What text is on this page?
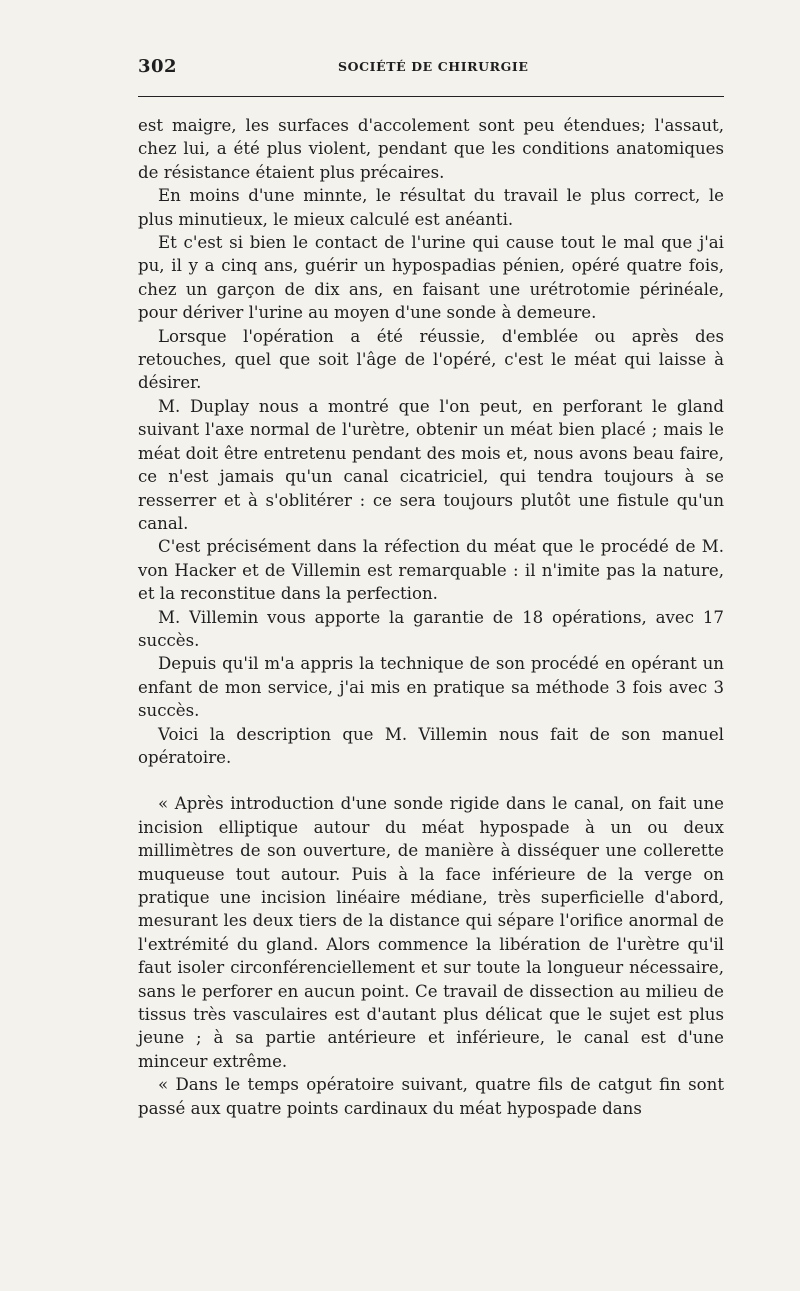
302	SOCIÉTÉ DE CHIRURGIE

est maigre, les surfaces d'accolement sont peu étendues; l'assaut, chez lui, a été plus violent, pendant que les conditions anatomiques de résistance étaient plus précaires.

En moins d'une minnte, le résultat du travail le plus correct, le plus minutieux, le mieux calculé est anéanti.

Et c'est si bien le contact de l'urine qui cause tout le mal que j'ai pu, il y a cinq ans, guérir un hypospadias pénien, opéré quatre fois, chez un garçon de dix ans, en faisant une urétrotomie périnéale, pour dériver l'urine au moyen d'une sonde à demeure.

Lorsque l'opération a été réussie, d'emblée ou après des retouches, quel que soit l'âge de l'opéré, c'est le méat qui laisse à désirer.

M. Duplay nous a montré que l'on peut, en perforant le gland suivant l'axe normal de l'urètre, obtenir un méat bien placé ; mais le méat doit être entretenu pendant des mois et, nous avons beau faire, ce n'est jamais qu'un canal cicatriciel, qui tendra toujours à se resserrer et à s'oblitérer : ce sera toujours plutôt une fistule qu'un canal.

C'est précisément dans la réfection du méat que le procédé de M. von Hacker et de Villemin est remarquable : il n'imite pas la nature, et la reconstitue dans la perfection.

M. Villemin vous apporte la garantie de 18 opérations, avec 17 succès.

Depuis qu'il m'a appris la technique de son procédé en opérant un enfant de mon service, j'ai mis en pratique sa méthode 3 fois avec 3 succès.

Voici la description que M. Villemin nous fait de son manuel opératoire.

« Après introduction d'une sonde rigide dans le canal, on fait une incision elliptique autour du méat hypospade à un ou deux millimètres de son ouverture, de manière à disséquer une collerette muqueuse tout autour. Puis à la face inférieure de la verge on pratique une incision linéaire médiane, très superficielle d'abord, mesurant les deux tiers de la distance qui sépare l'orifice anormal de l'extrémité du gland. Alors commence la libération de l'urètre qu'il faut isoler circonférenciellement et sur toute la longueur nécessaire, sans le perforer en aucun point. Ce travail de dissection au milieu de tissus très vasculaires est d'autant plus délicat que le sujet est plus jeune ; à sa partie antérieure et inférieure, le canal est d'une minceur extrême.

« Dans le temps opératoire suivant, quatre fils de catgut fin sont passé aux quatre points cardinaux du méat hypospade dans
